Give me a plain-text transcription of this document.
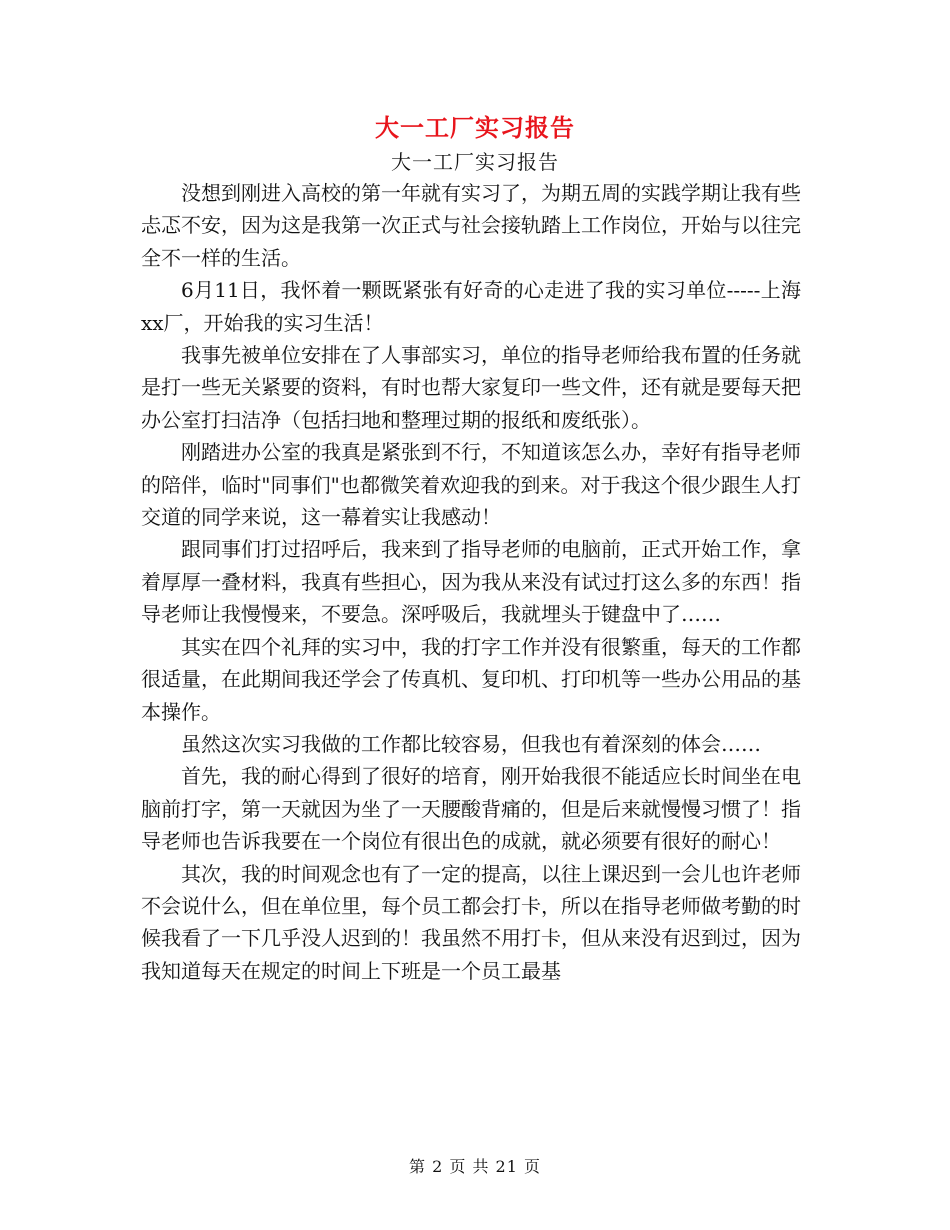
大一工厂实习报告
大一工厂实习报告

没想到刚进入高校的第一年就有实习了，为期五周的实践学期让我有些忐忑不安，因为这是我第一次正式与社会接轨踏上工作岗位，开始与以往完全不一样的生活。

6月11日，我怀着一颗既紧张有好奇的心走进了我的实习单位-----上海xx厂，开始我的实习生活！

我事先被单位安排在了人事部实习，单位的指导老师给我布置的任务就是打一些无关紧要的资料，有时也帮大家复印一些文件，还有就是要每天把办公室打扫洁净（包括扫地和整理过期的报纸和废纸张）。

刚踏进办公室的我真是紧张到不行，不知道该怎么办，幸好有指导老师的陪伴，临时"同事们"也都微笑着欢迎我的到来。对于我这个很少跟生人打交道的同学来说，这一幕着实让我感动！

跟同事们打过招呼后，我来到了指导老师的电脑前，正式开始工作，拿着厚厚一叠材料，我真有些担心，因为我从来没有试过打这么多的东西！指导老师让我慢慢来，不要急。深呼吸后，我就埋头于键盘中了……

其实在四个礼拜的实习中，我的打字工作并没有很繁重，每天的工作都很适量，在此期间我还学会了传真机、复印机、打印机等一些办公用品的基本操作。

虽然这次实习我做的工作都比较容易，但我也有着深刻的体会……

首先，我的耐心得到了很好的培育，刚开始我很不能适应长时间坐在电脑前打字，第一天就因为坐了一天腰酸背痛的，但是后来就慢慢习惯了！指导老师也告诉我要在一个岗位有很出色的成就，就必须要有很好的耐心！

其次，我的时间观念也有了一定的提高，以往上课迟到一会儿也许老师不会说什么，但在单位里，每个员工都会打卡，所以在指导老师做考勤的时候我看了一下几乎没人迟到的！我虽然不用打卡，但从来没有迟到过，因为我知道每天在规定的时间上下班是一个员工最基

第 2 页 共 21 页
